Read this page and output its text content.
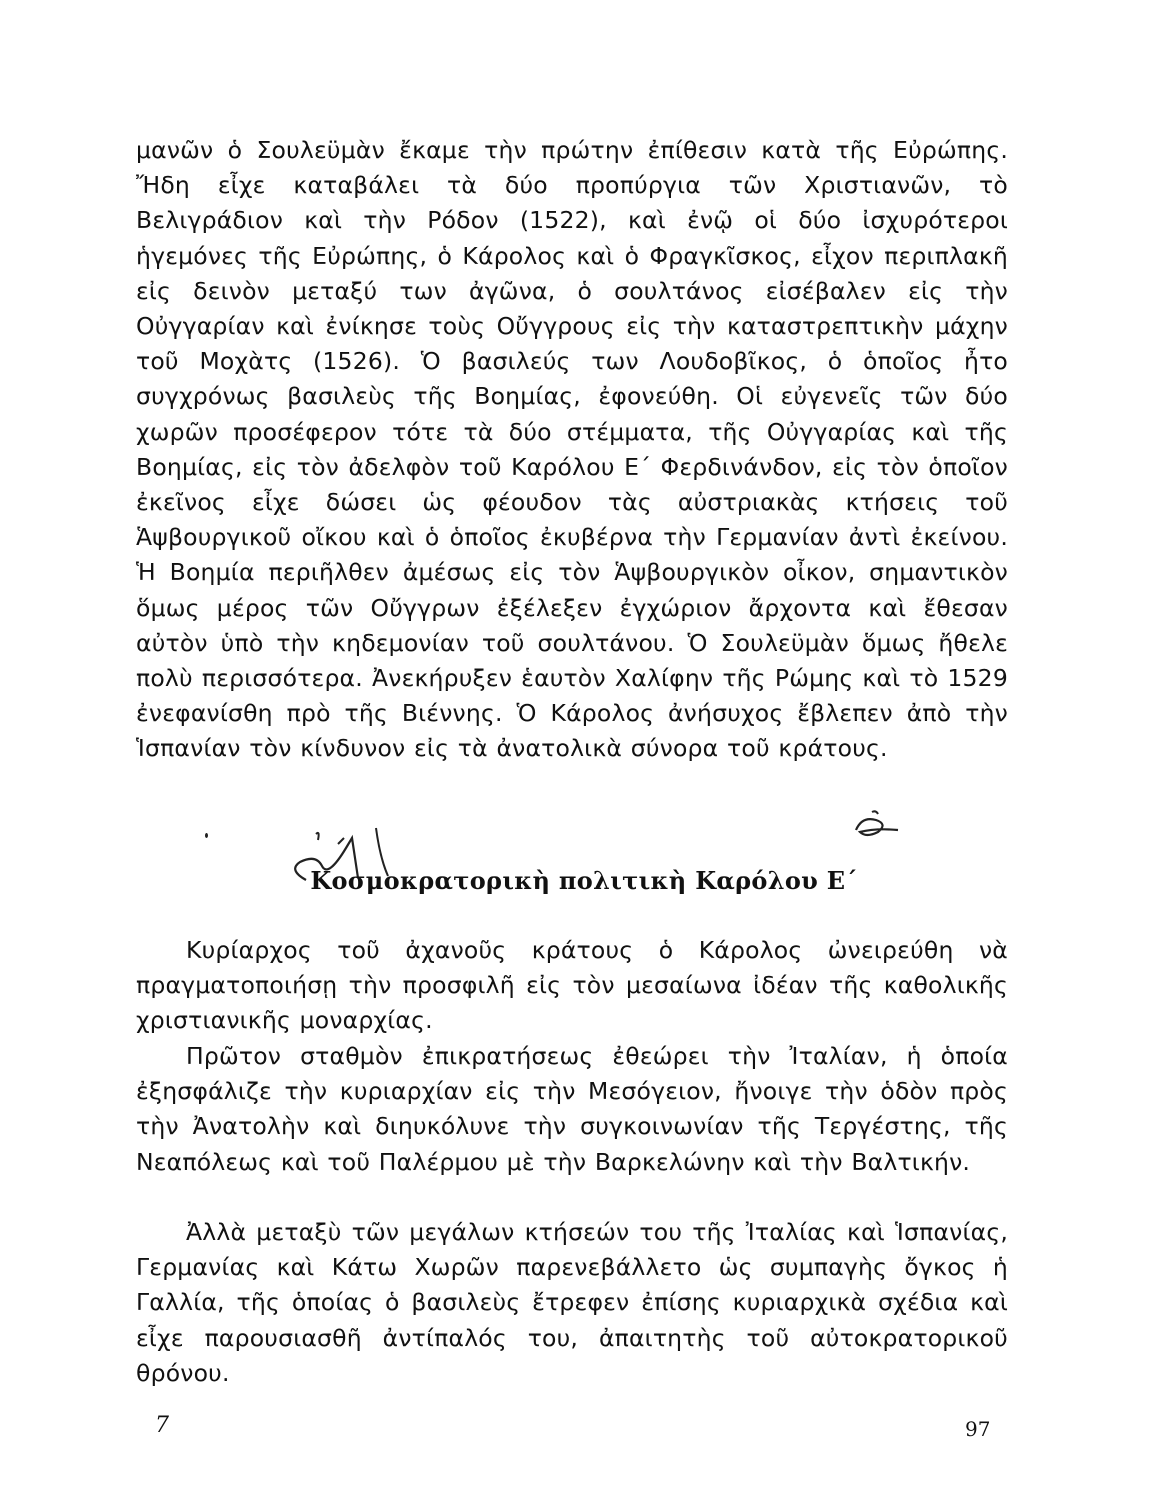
μανῶν ὁ Σουλεϋμὰν ἔκαμε τὴν πρώτην ἐπίθεσιν κατὰ τῆς Εὐρώπης. Ἤδη εἶχε καταβάλει τὰ δύο προπύργια τῶν Χριστιανῶν, τὸ Βελιγράδιον καὶ τὴν Ρόδον (1522), καὶ ἐνῷ οἱ δύο ἰσχυρότεροι ἡγεμόνες τῆς Εὐρώπης, ὁ Κάρολος καὶ ὁ Φραγκῖσκος, εἶχον περιπλακῆ εἰς δεινὸν μεταξύ των ἀγῶνα, ὁ σουλτάνος εἰσέβαλεν εἰς τὴν Οὐγγαρίαν καὶ ἐνίκησε τοὺς Οὔγγρους εἰς τὴν καταστρεπτικὴν μάχην τοῦ Μοχὰτς (1526). Ὁ βασιλεύς των Λουδοβῖκος, ὁ ὁποῖος ἦτο συγχρόνως βασιλεὺς τῆς Βοημίας, ἐφονεύθη. Οἱ εὐγενεῖς τῶν δύο χωρῶν προσέφερον τότε τὰ δύο στέμματα, τῆς Οὐγγαρίας καὶ τῆς Βοημίας, εἰς τὸν ἀδελφὸν τοῦ Καρόλου Ε΄ Φερδινάνδον, εἰς τὸν ὁποῖον ἐκεῖνος εἶχε δώσει ὡς φέουδον τὰς αὐστριακὰς κτήσεις τοῦ Ἁψβουργικοῦ οἴκου καὶ ὁ ὁποῖος ἐκυβέρνα τὴν Γερμανίαν ἀντὶ ἐκείνου. Ἡ Βοημία περιῆλθεν ἀμέσως εἰς τὸν Ἁψβουργικὸν οἶκον, σημαντικὸν ὅμως μέρος τῶν Οὔγγρων ἐξέλεξεν ἐγχώριον ἄρχοντα καὶ ἔθεσαν αὐτὸν ὑπὸ τὴν κηδεμονίαν τοῦ σουλτάνου. Ὁ Σουλεϋμὰν ὅμως ἤθελε πολὺ περισσότερα. Ἀνεκήρυξεν ἑαυτὸν Χαλίφην τῆς Ρώμης καὶ τὸ 1529 ἐνεφανίσθη πρὸ τῆς Βιέννης. Ὁ Κάρολος ἀνήσυχος ἔβλεπεν ἀπὸ τὴν Ἱσπανίαν τὸν κίνδυνον εἰς τὰ ἀνατολικὰ σύνορα τοῦ κράτους.

Κοσμοκρατορικὴ πολιτικὴ Καρόλου Ε΄

Κυρίαρχος τοῦ ἀχανοῦς κράτους ὁ Κάρολος ὠνειρεύθη νὰ πραγματοποιήσῃ τὴν προσφιλῆ εἰς τὸν μεσαίωνα ἰδέαν τῆς καθολικῆς χριστιανικῆς μοναρχίας.

Πρῶτον σταθμὸν ἐπικρατήσεως ἐθεώρει τὴν Ἰταλίαν, ἡ ὁποία ἐξησφάλιζε τὴν κυριαρχίαν εἰς τὴν Μεσόγειον, ἤνοιγε τὴν ὁδὸν πρὸς τὴν Ἀνατολὴν καὶ διηυκόλυνε τὴν συγκοινωνίαν τῆς Τεργέστης, τῆς Νεαπόλεως καὶ τοῦ Παλέρμου μὲ τὴν Βαρκελώνην καὶ τὴν Βαλτικήν.

Ἀλλὰ μεταξὺ τῶν μεγάλων κτήσεών του τῆς Ἰταλίας καὶ Ἱσπανίας, Γερμανίας καὶ Κάτω Χωρῶν παρενεβάλλετο ὡς συμπαγὴς ὄγκος ἡ Γαλλία, τῆς ὁποίας ὁ βασιλεὺς ἔτρεφεν ἐπίσης κυριαρχικὰ σχέδια καὶ εἶχε παρουσιασθῆ ἀντίπαλός του, ἀπαιτητὴς τοῦ αὐτοκρατορικοῦ θρόνου.

7	97
